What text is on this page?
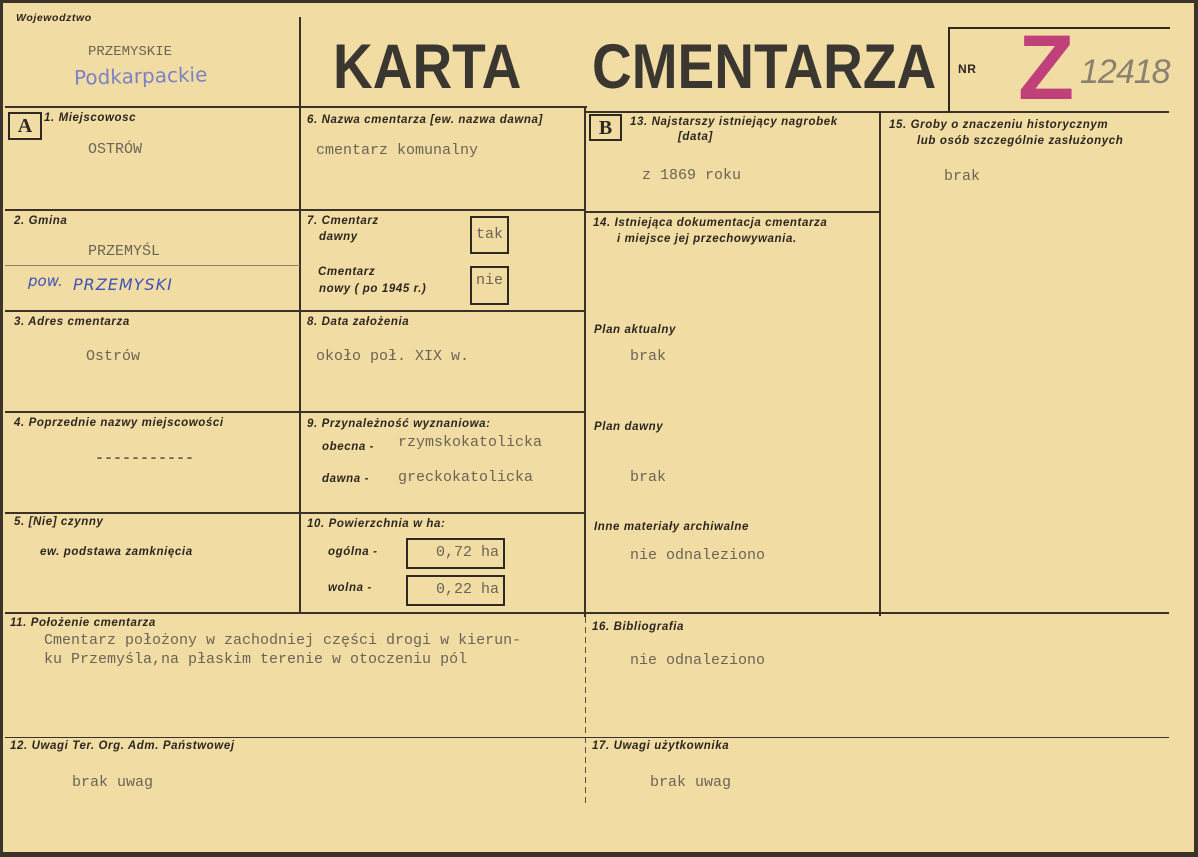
Wojewodztwo
PRZEMYSKIE
Podkarpackie KARTA CMENTARZA NR Z 12418
A	B
1. Miejscowosc
OSTRÓW
2. Gmina
PRZEMYŚL
pow. PRZEMYSKI
3. Adres cmentarza
Ostrów
4. Poprzednie nazwy miejscowości
-----------
5. [Nie] czynny
ew. podstawa zamknięcia
6. Nazwa cmentarza [ew. nazwa dawna]
cmentarz komunalny
7. Cmentarz
dawny	tak
Cmentarz
nowy ( po 1945 r.)	nie
8. Data założenia
około poł. XIX w.
9. Przynależność wyznaniowa:
obecna - rzymskokatolicka
dawna - greckokatolicka
10. Powierzchnia w ha:
ogólna -	0,72 ha
wolna -	0,22 ha
11. Położenie cmentarza
Cmentarz położony w zachodniej części drogi w kierun-
ku Przemyśla,na płaskim terenie w otoczeniu pól
12. Uwagi Ter. Org. Adm. Państwowej
brak uwag
13. Najstarszy istniejący nagrobek
[data]
z 1869 roku
14. Istniejąca dokumentacja cmentarza
i miejsce jej przechowywania.
Plan aktualny
brak
Plan dawny
brak
Inne materiały archiwalne
nie odnaleziono
15. Groby o znaczeniu historycznym
lub osób szczególnie zasłużonych
brak
16. Bibliografia
nie odnaleziono
17. Uwagi użytkownika
brak uwag
